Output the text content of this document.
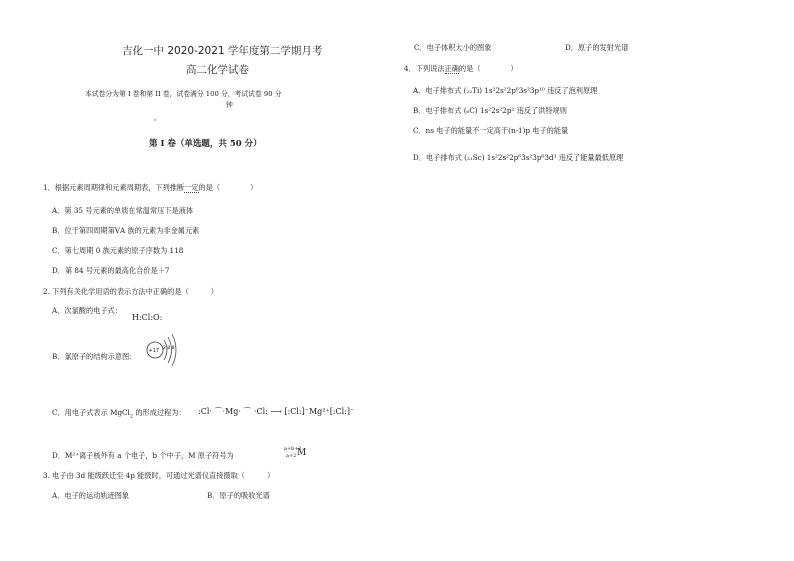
吉化一中 2020-2021 学年度第二学期月考
高二化学试卷
本试卷分为第 I 卷和第 II 卷，试卷满分 100 分，考试试卷 90 分
钟
。
第 I 卷（单选题，共 50 分）
1．根据元素周期律和元素周期表，下列推断一定的是（	）
A．第 35 号元素的单质在常温常压下是液体
B．位于第四周期第ⅤA 族的元素为非金属元素
C．第七周期 0 族元素的原子序数为 118
D．第 84 号元素的最高化合价是＋7
2. 下列有关化学用语的表示方法中正确的是（	）
A．次氯酸的电子式：
H:Cl:O:
B．氯原子的结构示意图：
+17 2 8 8
C．用电子式表示 MgCl$_2$ 的形成过程为： :Cl· ⌒·Mg· ⌒ ·Cl: ⟶ [:Cl:]⁻Mg²⁺[:Cl:]⁻
D．M²⁺离子核外有 a 个电子，b 个中子，M 原子符号为
a+b+2
a+2 M
3. 电子由 3d 能级跃迁至 4p 能级时，可通过光谱仪直接摄取（	）
A．电子的运动轨迹图象	B．原子的吸收光谱
C．电子体积大小的图象	D．原子的发射光谱
4．下列说法正确的是（	）
A．电子排布式 (₂₂Ti) 1s²2s²2p⁶3s²3p¹⁰ 违反了泡利原理
B．电子排布式 (₆C) 1s²2s²2p² 违反了洪特规则
C．ns 电子的能量不一定高于(n-1)p 电子的能量
D．电子排布式 (₂₁Sc) 1s²2s²2p⁶3s²3p⁶3d³ 违反了能量最低原理
